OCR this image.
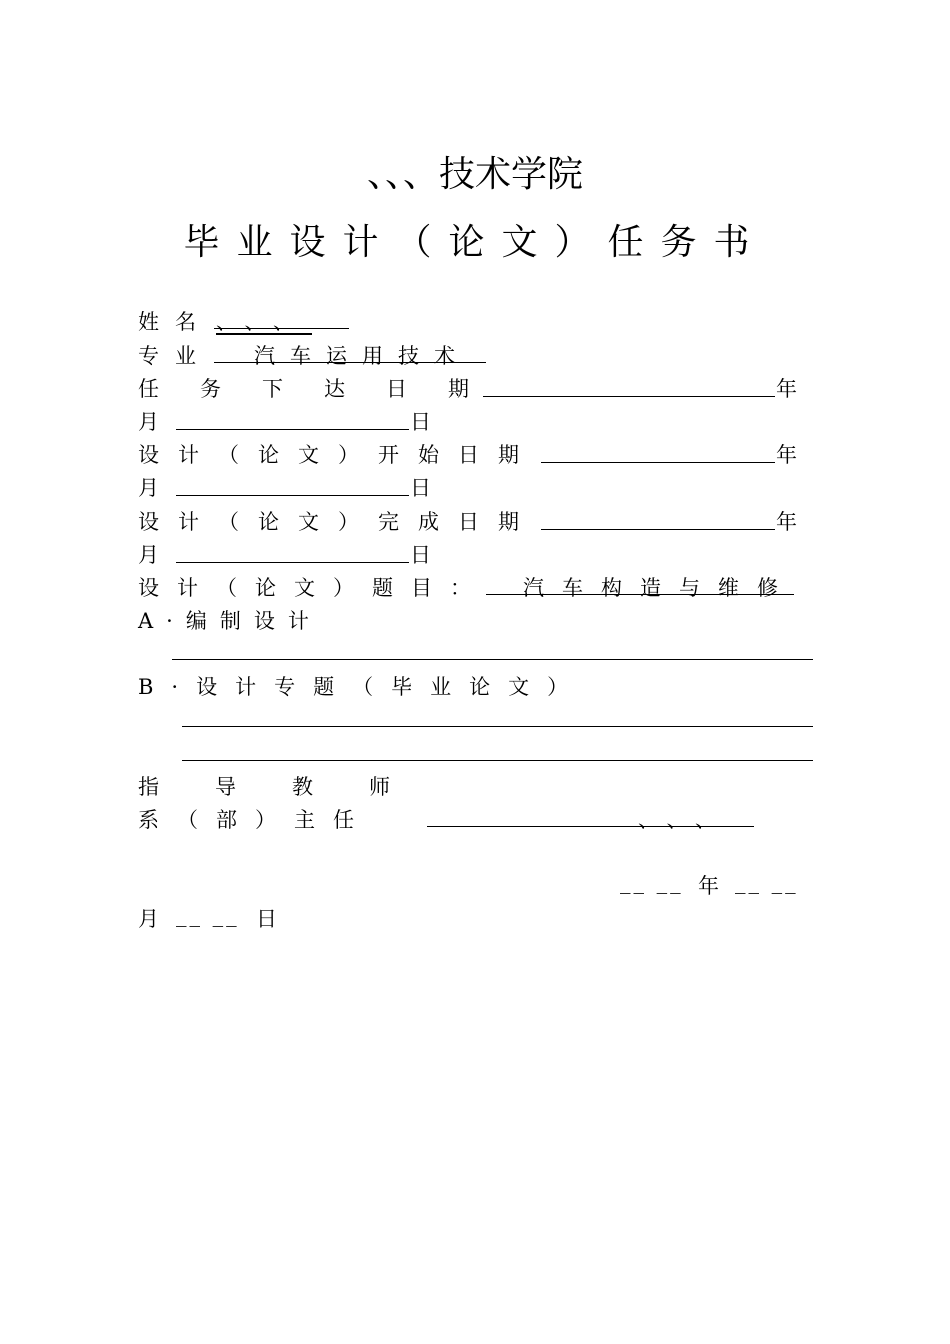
、、、技术学院
毕业设计（论文）任务书
姓名 、、、
专业 汽车运用技术
任务下达日期	年
月	日
设计（论文）开始日期	年
月	日
设计（论文）完成日期	年
月	日
设计（论文）题目： 汽车构造与维修
A·编制设计
B·设计专题（毕业论文）
指导教师
系（部）主任	、、、
__ __ 年 __ __
月 __ __ 日
